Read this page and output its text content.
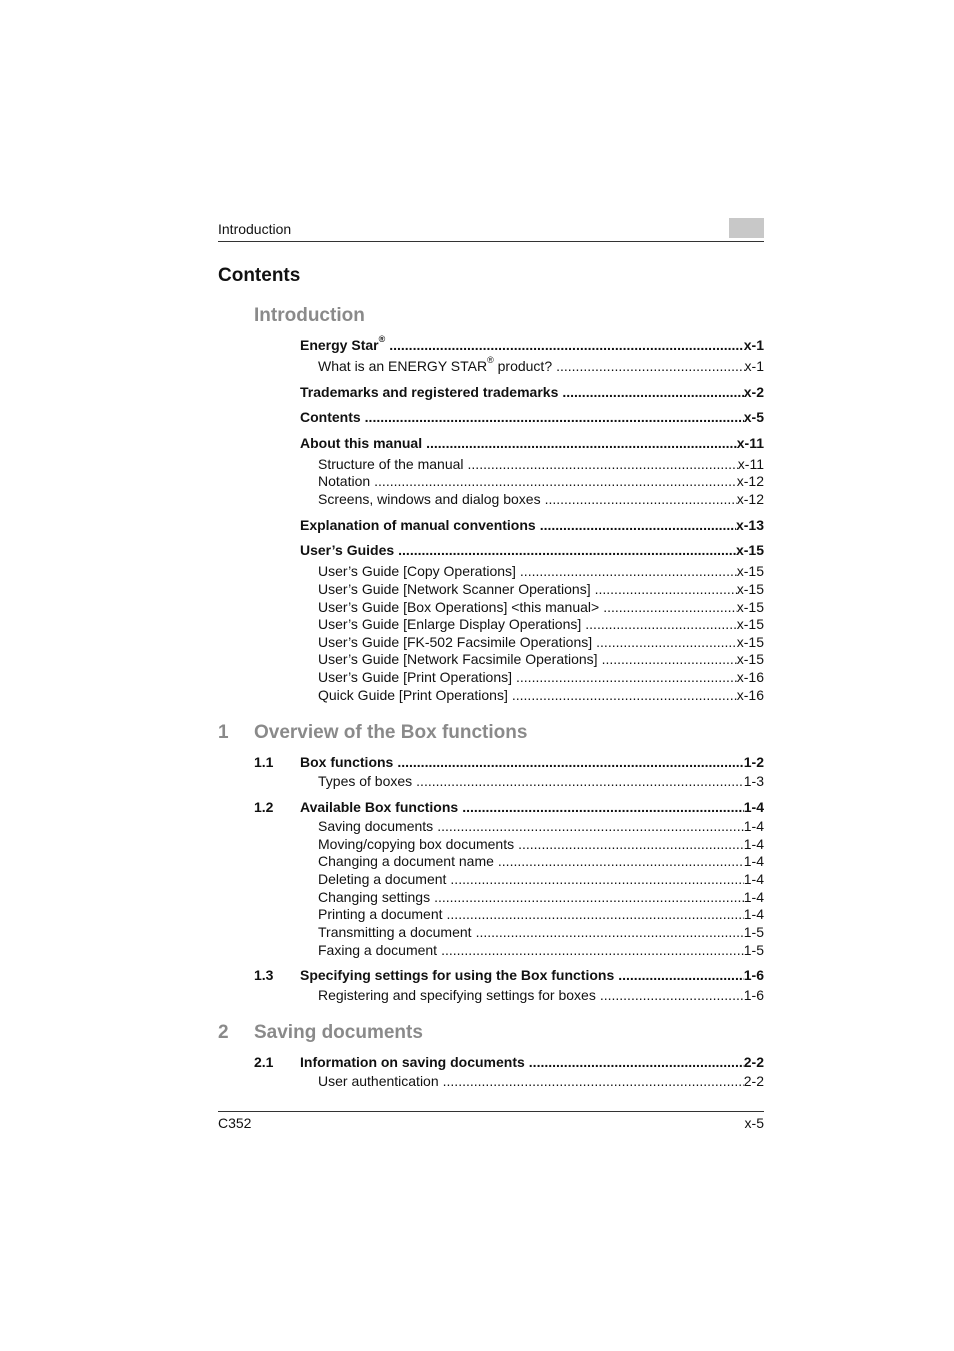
Introduction
Contents
Introduction
Energy Star® .....	x-1
What is an ENERGY STAR® product? .....	x-1
Trademarks and registered trademarks .....	x-2
Contents .....	x-5
About this manual .....	x-11
Structure of the manual .....	x-11
Notation .....	x-12
Screens, windows and dialog boxes .....	x-12
Explanation of manual conventions .....	x-13
User’s Guides .....	x-15
User’s Guide [Copy Operations] .....	x-15
User’s Guide [Network Scanner Operations] .....	x-15
User’s Guide [Box Operations] <this manual> .....	x-15
User’s Guide [Enlarge Display Operations] .....	x-15
User’s Guide [FK-502 Facsimile Operations] .....	x-15
User’s Guide [Network Facsimile Operations] .....	x-15
User’s Guide [Print Operations] .....	x-16
Quick Guide [Print Operations] .....	x-16
1 Overview of the Box functions
1.1 Box functions .....	1-2
Types of boxes .....	1-3
1.2 Available Box functions .....	1-4
Saving documents .....	1-4
Moving/copying box documents .....	1-4
Changing a document name .....	1-4
Deleting a document .....	1-4
Changing settings .....	1-4
Printing a document .....	1-4
Transmitting a document .....	1-5
Faxing a document .....	1-5
1.3 Specifying settings for using the Box functions .....	1-6
Registering and specifying settings for boxes .....	1-6
2 Saving documents
2.1 Information on saving documents .....	2-2
User authentication .....	2-2
C352	x-5
